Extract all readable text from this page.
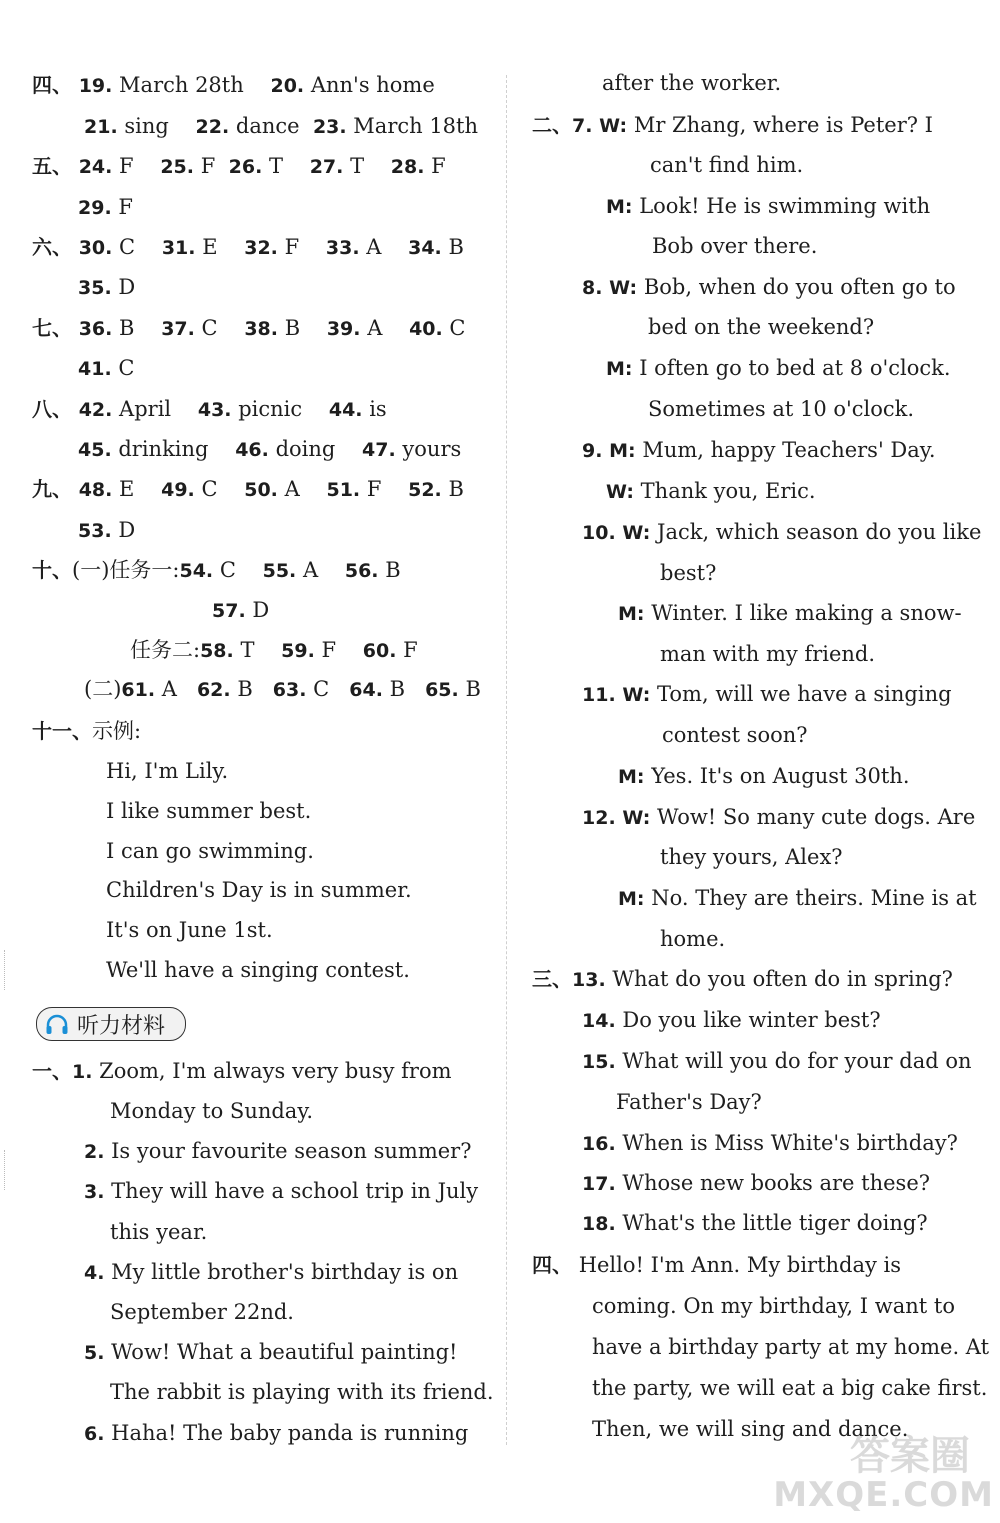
四、 19. March 28th 20. Ann's home
21. sing 22. dance 23. March 18th
五、 24. F 25. F 26. T 27. T 28. F
29. F
六、 30. C 31. E 32. F 33. A 34. B
35. D
七、 36. B 37. C 38. B 39. A 40. C
41. C
八、 42. April 43. picnic 44. is
45. drinking 46. doing 47. yours
九、 48. E 49. C 50. A 51. F 52. B
53. D
十、(一)任务一:54. C 55. A 56. B
57. D
任务二:58. T 59. F 60. F
(二)61. A 62. B 63. C 64. B 65. B
十一、示例:
Hi, I'm Lily.
I like summer best.
I can go swimming.
Children's Day is in summer.
It's on June 1st.
We'll have a singing contest.
听力材料
一、1. Zoom, I'm always very busy from
Monday to Sunday.
2. Is your favourite season summer?
3. They will have a school trip in July
this year.
4. My little brother's birthday is on
September 22nd.
5. Wow! What a beautiful painting!
The rabbit is playing with its friend.
6. Haha! The baby panda is running
after the worker.
二、7. W: Mr Zhang, where is Peter? I
can't find him.
M: Look! He is swimming with
Bob over there.
8. W: Bob, when do you often go to
bed on the weekend?
M: I often go to bed at 8 o'clock.
Sometimes at 10 o'clock.
9. M: Mum, happy Teachers' Day.
W: Thank you, Eric.
10. W: Jack, which season do you like
best?
M: Winter. I like making a snow-
man with my friend.
11. W: Tom, will we have a singing
contest soon?
M: Yes. It's on August 30th.
12. W: Wow! So many cute dogs. Are
they yours, Alex?
M: No. They are theirs. Mine is at
home.
三、13. What do you often do in spring?
14. Do you like winter best?
15. What will you do for your dad on
Father's Day?
16. When is Miss White's birthday?
17. Whose new books are these?
18. What's the little tiger doing?
四、 Hello! I'm Ann. My birthday is
coming. On my birthday, I want to
have a birthday party at my home. At
the party, we will eat a big cake first.
Then, we will sing and dance.
答案圈
MXQE.COM
